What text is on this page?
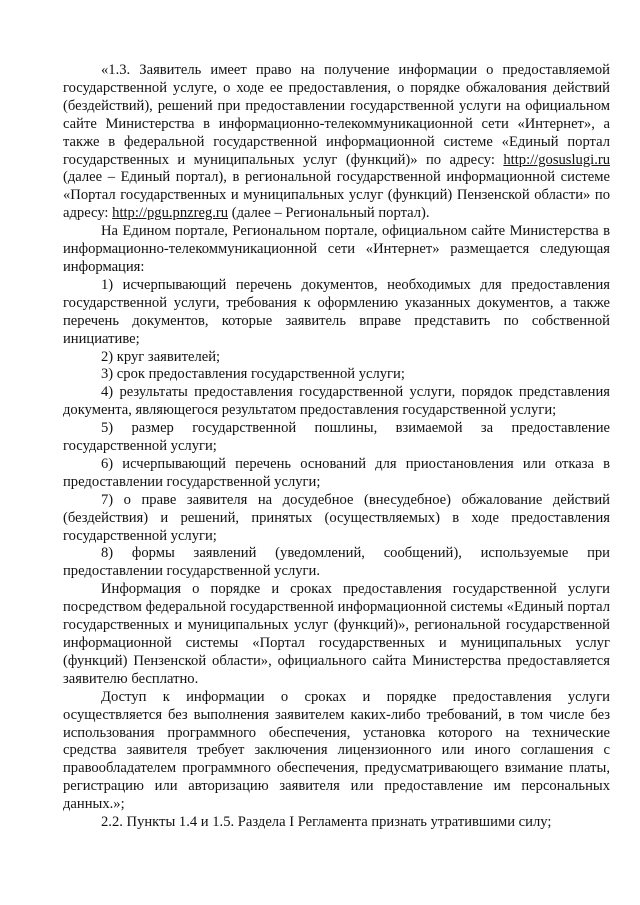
«1.3. Заявитель имеет право на получение информации о предоставляемой государственной услуге, о ходе ее предоставления, о порядке обжалования действий (бездействий), решений при предоставлении государственной услуги на официальном сайте Министерства в информационно-телекоммуникационной сети «Интернет», а также в федеральной государственной информационной системе «Единый портал государственных и муниципальных услуг (функций)» по адресу: http://gosuslugi.ru (далее – Единый портал), в региональной государственной информационной системе «Портал государственных и муниципальных услуг (функций) Пензенской области» по адресу: http://pgu.pnzreg.ru (далее – Региональный портал).

На Едином портале, Региональном портале, официальном сайте Министерства в информационно-телекоммуникационной сети «Интернет» размещается следующая информация:

1) исчерпывающий перечень документов, необходимых для предоставления государственной услуги, требования к оформлению указанных документов, а также перечень документов, которые заявитель вправе представить по собственной инициативе;

2) круг заявителей;

3) срок предоставления государственной услуги;

4) результаты предоставления государственной услуги, порядок представления документа, являющегося результатом предоставления государственной услуги;

5) размер государственной пошлины, взимаемой за предоставление государственной услуги;

6) исчерпывающий перечень оснований для приостановления или отказа в предоставлении государственной услуги;

7) о праве заявителя на досудебное (внесудебное) обжалование действий (бездействия) и решений, принятых (осуществляемых) в ходе предоставления государственной услуги;

8) формы заявлений (уведомлений, сообщений), используемые при предоставлении государственной услуги.

Информация о порядке и сроках предоставления государственной услуги посредством федеральной государственной информационной системы «Единый портал государственных и муниципальных услуг (функций)», региональной государственной информационной системы «Портал государственных и муниципальных услуг (функций) Пензенской области», официального сайта Министерства предоставляется заявителю бесплатно.

Доступ к информации о сроках и порядке предоставления услуги осуществляется без выполнения заявителем каких-либо требований, в том числе без использования программного обеспечения, установка которого на технические средства заявителя требует заключения лицензионного или иного соглашения с правообладателем программного обеспечения, предусматривающего взимание платы, регистрацию или авторизацию заявителя или предоставление им персональных данных.»;

2.2. Пункты 1.4 и 1.5. Раздела I Регламента признать утратившими силу;
